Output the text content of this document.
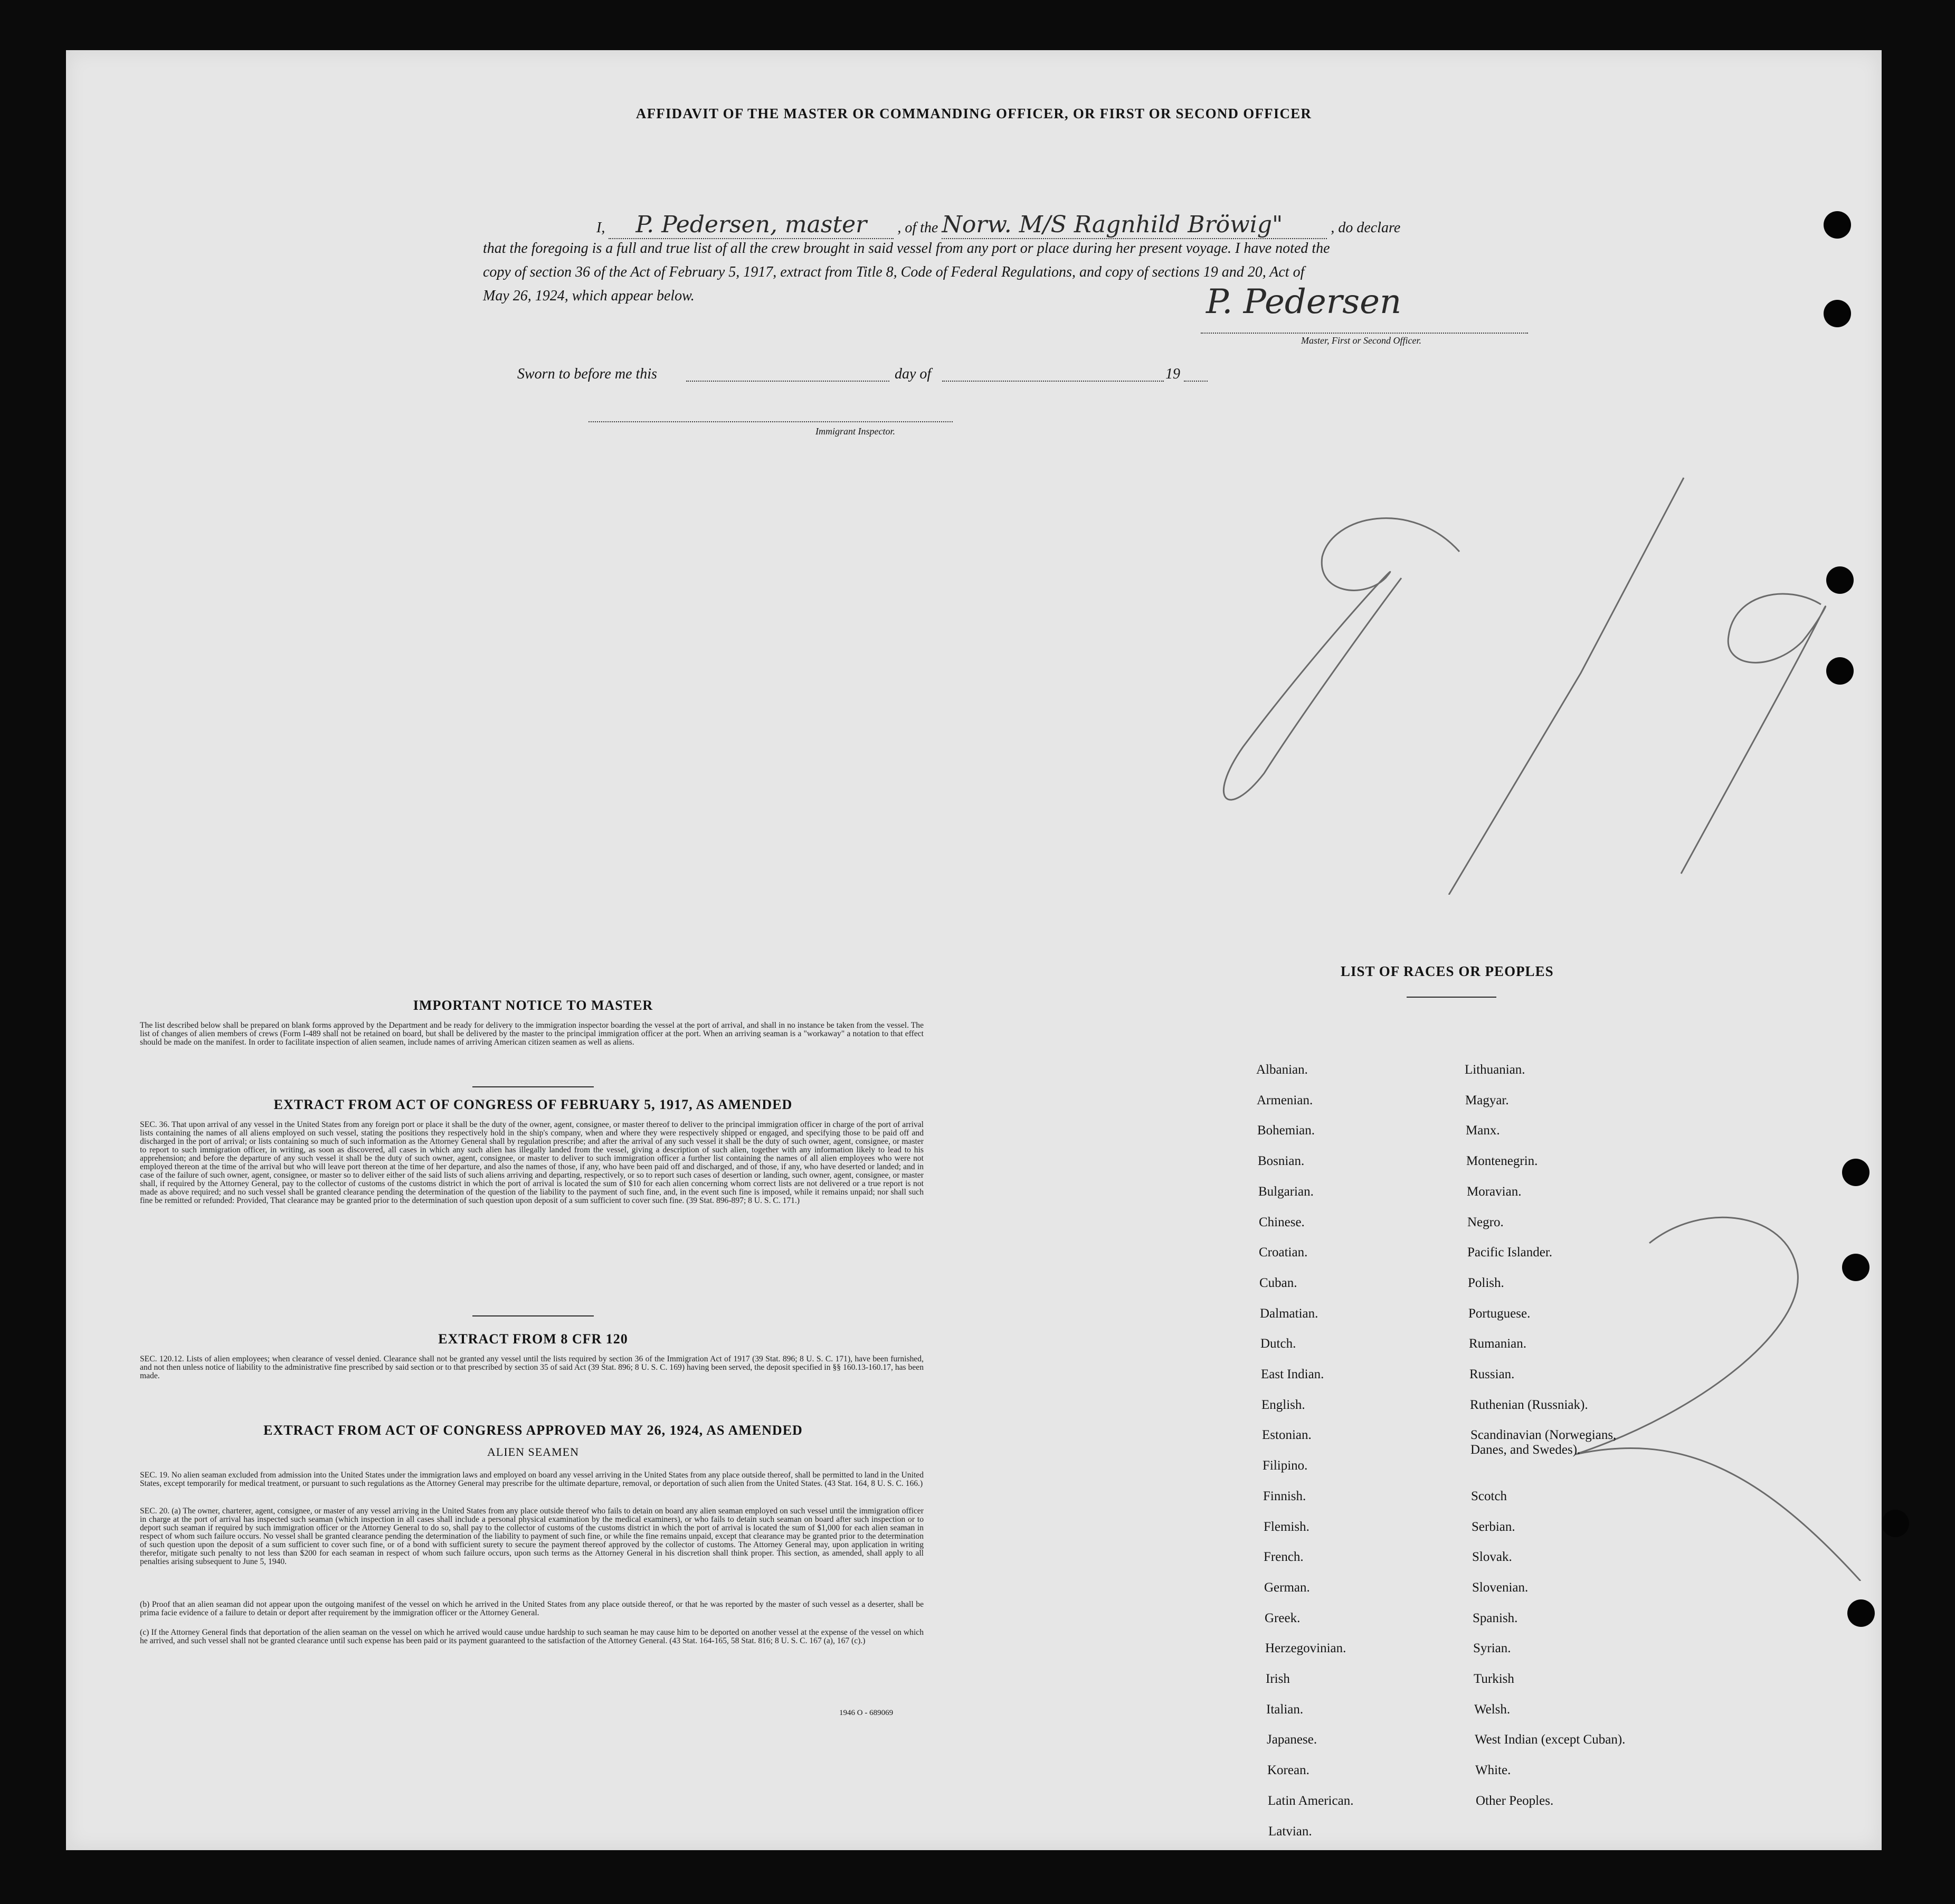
AFFIDAVIT OF THE MASTER OR COMMANDING OFFICER, OR FIRST OR SECOND OFFICER
I, P. Pedersen, master , of the Norw. M/S Ragnhild Bröwig"	, do declare
that the foregoing is a full and true list of all the crew brought in said vessel from any port or place during her present voyage. I have noted the
copy of section 36 of the Act of February 5, 1917, extract from Title 8, Code of Federal Regulations, and copy of sections 19 and 20, Act of
May 26, 1924, which appear below.	P. Pedersen
Master, First or Second Officer.
Sworn to before me this	day of	19
Immigrant Inspector.
IMPORTANT NOTICE TO MASTER
The list described below shall be prepared on blank forms approved by the Department and be ready for delivery to the immigration inspector boarding the vessel at the port of arrival, and shall in no instance be taken from the vessel. The list of changes of alien members of crews (Form I-489 shall not be retained on board, but shall be delivered by the master to the principal immigration officer at the port. When an arriving seaman is a "workaway" a notation to that effect should be made on the manifest. In order to facilitate inspection of alien seamen, include names of arriving American citizen seamen as well as aliens.
EXTRACT FROM ACT OF CONGRESS OF FEBRUARY 5, 1917, AS AMENDED
SEC. 36. That upon arrival of any vessel in the United States from any foreign port or place it shall be the duty of the owner, agent, consignee, or master thereof to deliver to the principal immigration officer in charge of the port of arrival lists containing the names of all aliens employed on such vessel, stating the positions they respectively hold in the ship's company, when and where they were respectively shipped or engaged, and specifying those to be paid off and discharged in the port of arrival; or lists containing so much of such information as the Attorney General shall by regulation prescribe; and after the arrival of any such vessel it shall be the duty of such owner, agent, consignee, or master to report to such immigration officer, in writing, as soon as discovered, all cases in which any such alien has illegally landed from the vessel, giving a description of such alien, together with any information likely to lead to his apprehension; and before the departure of any such vessel it shall be the duty of such owner, agent, consignee, or master to deliver to such immigration officer a further list containing the names of all alien employees who were not employed thereon at the time of the arrival but who will leave port thereon at the time of her departure, and also the names of those, if any, who have been paid off and discharged, and of those, if any, who have deserted or landed; and in case of the failure of such owner, agent, consignee, or master so to deliver either of the said lists of such aliens arriving and departing, respectively, or so to report such cases of desertion or landing, such owner, agent, consignee, or master shall, if required by the Attorney General, pay to the collector of customs of the customs district in which the port of arrival is located the sum of $10 for each alien concerning whom correct lists are not delivered or a true report is not made as above required; and no such vessel shall be granted clearance pending the determination of the question of the liability to the payment of such fine, and, in the event such fine is imposed, while it remains unpaid; nor shall such fine be remitted or refunded: Provided, That clearance may be granted prior to the determination of such question upon deposit of a sum sufficient to cover such fine. (39 Stat. 896-897; 8 U. S. C. 171.)
EXTRACT FROM 8 CFR 120
SEC. 120.12. Lists of alien employees; when clearance of vessel denied. Clearance shall not be granted any vessel until the lists required by section 36 of the Immigration Act of 1917 (39 Stat. 896; 8 U. S. C. 171), have been furnished, and not then unless notice of liability to the administrative fine prescribed by said section or to that prescribed by section 35 of said Act (39 Stat. 896; 8 U. S. C. 169) having been served, the deposit specified in §§ 160.13-160.17, has been made.
EXTRACT FROM ACT OF CONGRESS APPROVED MAY 26, 1924, AS AMENDED
ALIEN SEAMEN
SEC. 19. No alien seaman excluded from admission into the United States under the immigration laws and employed on board any vessel arriving in the United States from any place outside thereof, shall be permitted to land in the United States, except temporarily for medical treatment, or pursuant to such regulations as the Attorney General may prescribe for the ultimate departure, removal, or deportation of such alien from the United States. (43 Stat. 164, 8 U. S. C. 166.)
SEC. 20. (a) The owner, charterer, agent, consignee, or master of any vessel arriving in the United States from any place outside thereof who fails to detain on board any alien seaman employed on such vessel until the immigration officer in charge at the port of arrival has inspected such seaman (which inspection in all cases shall include a personal physical examination by the medical examiners), or who fails to detain such seaman on board after such inspection or to deport such seaman if required by such immigration officer or the Attorney General to do so, shall pay to the collector of customs of the customs district in which the port of arrival is located the sum of $1,000 for each alien seaman in respect of whom such failure occurs. No vessel shall be granted clearance pending the determination of the liability to payment of such fine, or while the fine remains unpaid, except that clearance may be granted prior to the determination of such question upon the deposit of a sum sufficient to cover such fine, or of a bond with sufficient surety to secure the payment thereof approved by the collector of customs. The Attorney General may, upon application in writing therefor, mitigate such penalty to not less than $200 for each seaman in respect of whom such failure occurs, upon such terms as the Attorney General in his discretion shall think proper. This section, as amended, shall apply to all penalties arising subsequent to June 5, 1940.
(b) Proof that an alien seaman did not appear upon the outgoing manifest of the vessel on which he arrived in the United States from any place outside thereof, or that he was reported by the master of such vessel as a deserter, shall be prima facie evidence of a failure to detain or deport after requirement by the immigration officer or the Attorney General.
(c) If the Attorney General finds that deportation of the alien seaman on the vessel on which he arrived would cause undue hardship to such seaman he may cause him to be deported on another vessel at the expense of the vessel on which he arrived, and such vessel shall not be granted clearance until such expense has been paid or its payment guaranteed to the satisfaction of the Attorney General. (43 Stat. 164-165, 58 Stat. 816; 8 U. S. C. 167 (a), 167 (c).)
1946 O - 689069
LIST OF RACES OR PEOPLES
Albanian.
Armenian.
Bohemian.
Bosnian.
Bulgarian.
Chinese.
Croatian.
Cuban.
Dalmatian.
Dutch.
East Indian.
English.
Estonian.
Filipino.
Finnish.
Flemish.
French.
German.
Greek.
Herzegovinian.
Irish
Italian.
Japanese.
Korean.
Latin American.
Latvian.
Lithuanian.
Magyar.
Manx.
Montenegrin.
Moravian.
Negro.
Pacific Islander.
Polish.
Portuguese.
Rumanian.
Russian.
Ruthenian (Russniak).
Scandinavian (Norwegians, Danes, and Swedes).
Scotch
Serbian.
Slovak.
Slovenian.
Spanish.
Syrian.
Turkish
Welsh.
West Indian (except Cuban).
White.
Other Peoples.
